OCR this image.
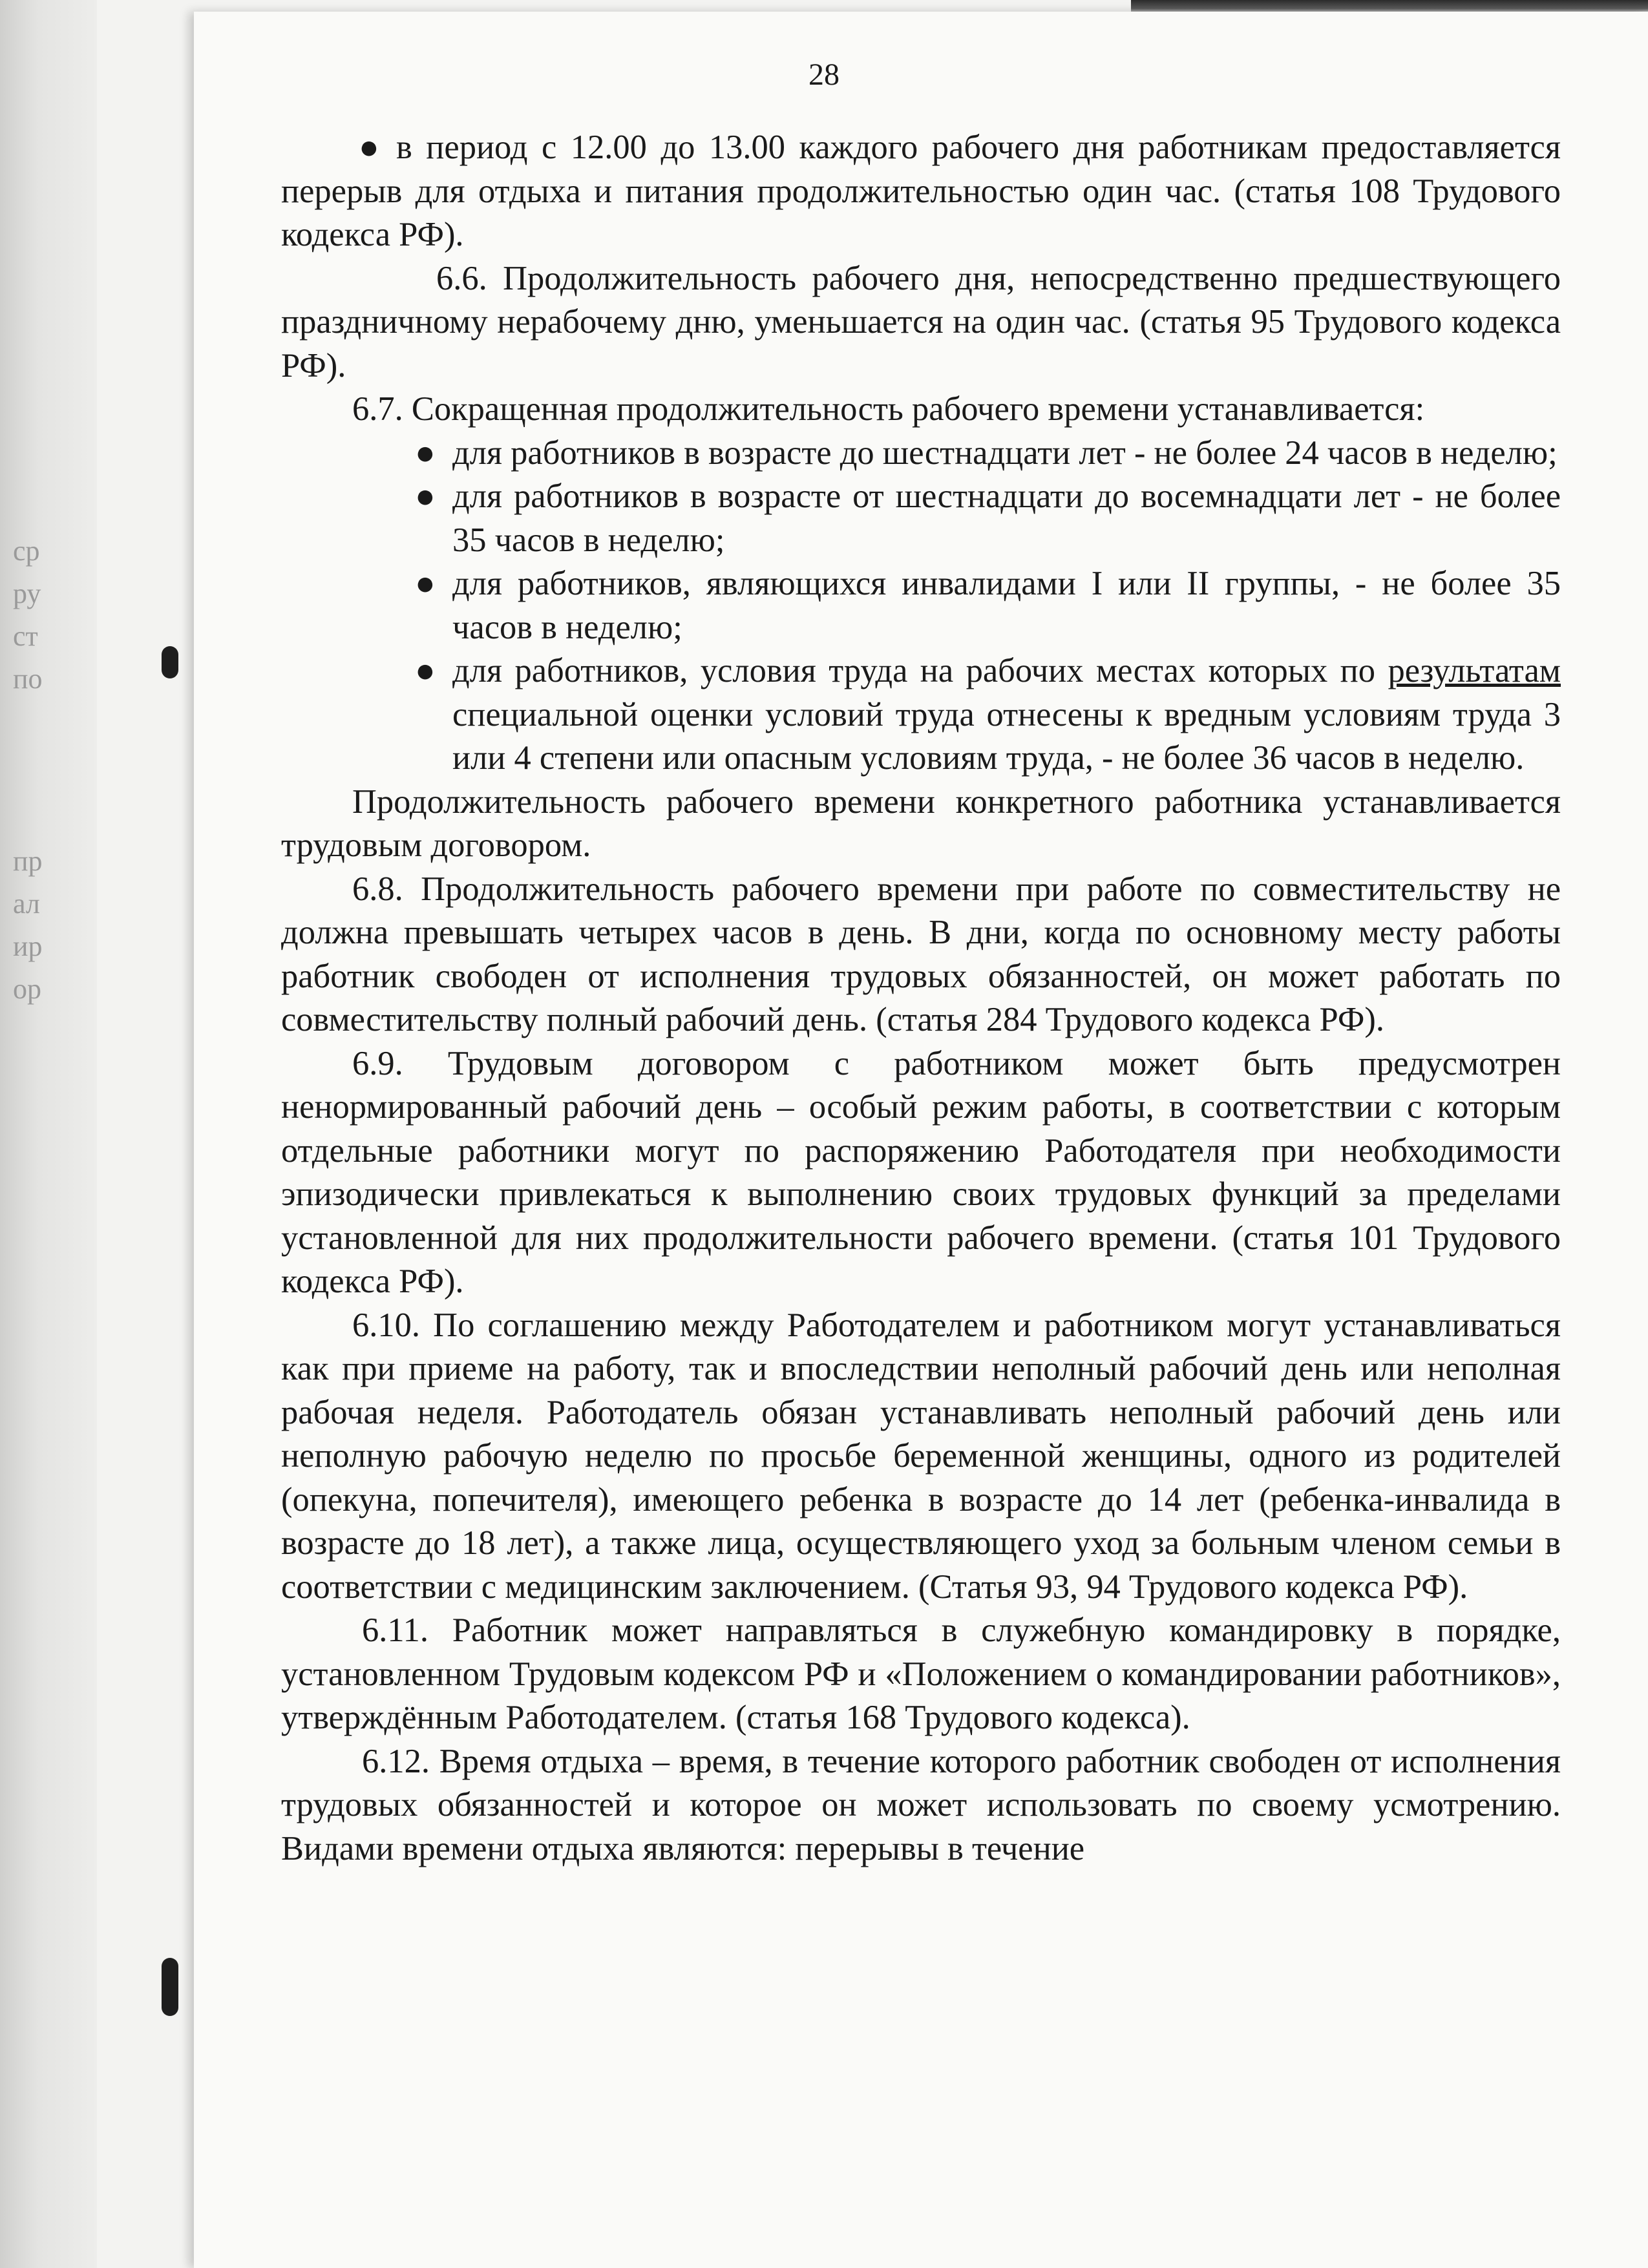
ср
ру
ст
по
пр
ал
ир
ор
28

● в период с 12.00 до 13.00 каждого рабочего дня работникам предоставляется перерыв для отдыха и питания продолжительностью один час. (статья 108 Трудового кодекса РФ).

6.6. Продолжительность рабочего дня, непосредственно предшествующего праздничному нерабочему дню, уменьшается на один час. (статья 95 Трудового кодекса РФ).

6.7. Сокращенная продолжительность рабочего времени устанавливается:

● для работников в возрасте до шестнадцати лет - не более 24 часов в неделю;

● для работников в возрасте от шестнадцати до восемнадцати лет - не более 35 часов в неделю;

● для работников, являющихся инвалидами I или II группы, - не более 35 часов в неделю;

● для работников, условия труда на рабочих местах которых по результатам специальной оценки условий труда отнесены к вредным условиям труда 3 или 4 степени или опасным условиям труда, - не более 36 часов в неделю.

Продолжительность рабочего времени конкретного работника устанавливается трудовым договором.

6.8. Продолжительность рабочего времени при работе по совместительству не должна превышать четырех часов в день. В дни, когда по основному месту работы работник свободен от исполнения трудовых обязанностей, он может работать по совместительству полный рабочий день. (статья 284 Трудового кодекса РФ).

6.9. Трудовым договором с работником может быть предусмотрен ненормированный рабочий день – особый режим работы, в соответствии с которым отдельные работники могут по распоряжению Работодателя при необходимости эпизодически привлекаться к выполнению своих трудовых функций за пределами установленной для них продолжительности рабочего времени. (статья 101 Трудового кодекса РФ).

6.10. По соглашению между Работодателем и работником могут устанавливаться как при приеме на работу, так и впоследствии неполный рабочий день или неполная рабочая неделя. Работодатель обязан устанавливать неполный рабочий день или неполную рабочую неделю по просьбе беременной женщины, одного из родителей (опекуна, попечителя), имеющего ребенка в возрасте до 14 лет (ребенка-инвалида в возрасте до 18 лет), а также лица, осуществляющего уход за больным членом семьи в соответствии с медицинским заключением. (Статья 93, 94 Трудового кодекса РФ).

6.11. Работник может направляться в служебную командировку в порядке, установленном Трудовым кодексом РФ и «Положением о командировании работников», утверждённым Работодателем. (статья 168 Трудового кодекса).

6.12. Время отдыха – время, в течение которого работник свободен от исполнения трудовых обязанностей и которое он может использовать по своему усмотрению. Видами времени отдыха являются: перерывы в течение
